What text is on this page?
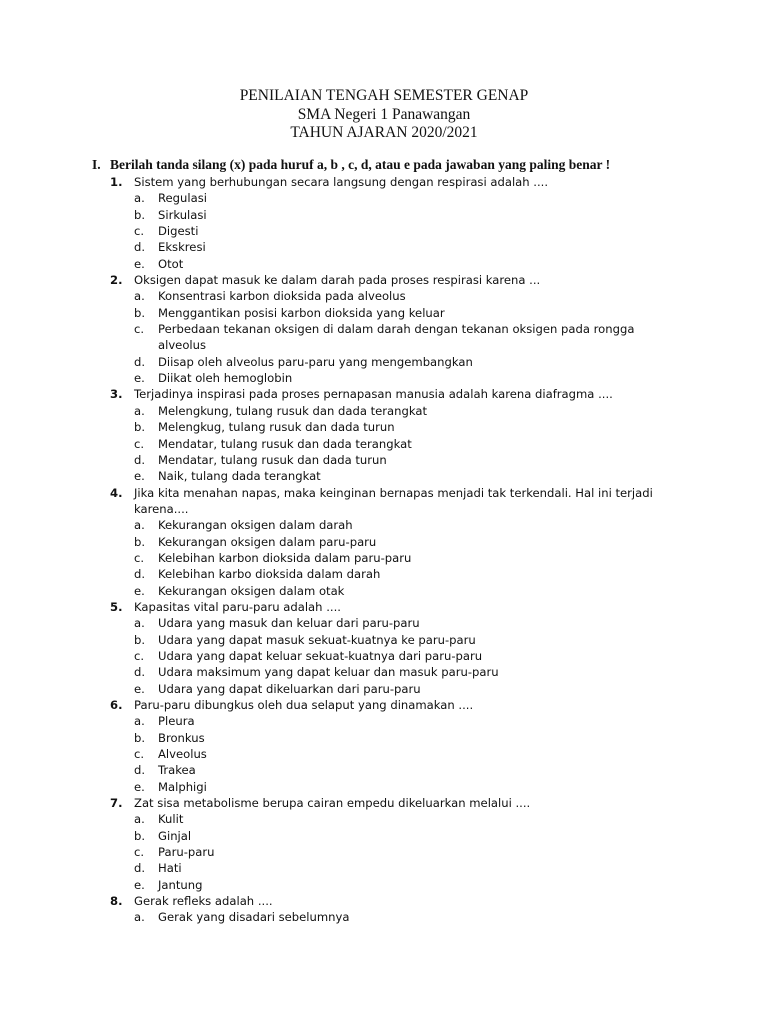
PENILAIAN TENGAH SEMESTER GENAP
SMA Negeri 1 Panawangan
TAHUN AJARAN 2020/2021
I. Berilah tanda silang (x) pada huruf a, b , c, d, atau e pada jawaban yang paling benar !
1. Sistem yang berhubungan secara langsung dengan respirasi adalah ....
a.	Regulasi
b.	Sirkulasi
c.	Digesti
d.	Ekskresi
e.	Otot
2. Oksigen dapat masuk ke dalam darah pada proses respirasi karena ...
a.	Konsentrasi karbon dioksida pada alveolus
b.	Menggantikan posisi karbon dioksida yang keluar
c.	Perbedaan tekanan oksigen di dalam darah dengan tekanan oksigen pada rongga alveolus
d.	Diisap oleh alveolus paru-paru yang mengembangkan
e.	Diikat oleh hemoglobin
3. Terjadinya inspirasi pada proses pernapasan manusia adalah karena diafragma ....
a.	Melengkung, tulang rusuk dan dada terangkat
b.	Melengkug, tulang rusuk dan dada turun
c.	Mendatar, tulang rusuk dan dada terangkat
d.	Mendatar, tulang rusuk dan dada turun
e.	Naik, tulang dada terangkat
4. Jika kita menahan napas, maka keinginan bernapas menjadi tak terkendali. Hal ini terjadi karena....
a.	Kekurangan oksigen dalam darah
b.	Kekurangan oksigen dalam paru-paru
c.	Kelebihan karbon dioksida dalam paru-paru
d.	Kelebihan karbo dioksida dalam darah
e.	Kekurangan oksigen dalam otak
5. Kapasitas vital paru-paru adalah ....
a.	Udara yang masuk dan keluar dari paru-paru
b.	Udara yang dapat masuk sekuat-kuatnya ke paru-paru
c.	Udara yang dapat keluar sekuat-kuatnya dari paru-paru
d.	Udara maksimum yang dapat keluar dan masuk paru-paru
e.	Udara yang dapat dikeluarkan dari paru-paru
6. Paru-paru dibungkus oleh dua selaput yang dinamakan ....
a.	Pleura
b.	Bronkus
c.	Alveolus
d.	Trakea
e.	Malphigi
7. Zat sisa metabolisme berupa cairan empedu dikeluarkan melalui ....
a.	Kulit
b.	Ginjal
c.	Paru-paru
d.	Hati
e.	Jantung
8. Gerak refleks adalah ....
a.	Gerak yang disadari sebelumnya
